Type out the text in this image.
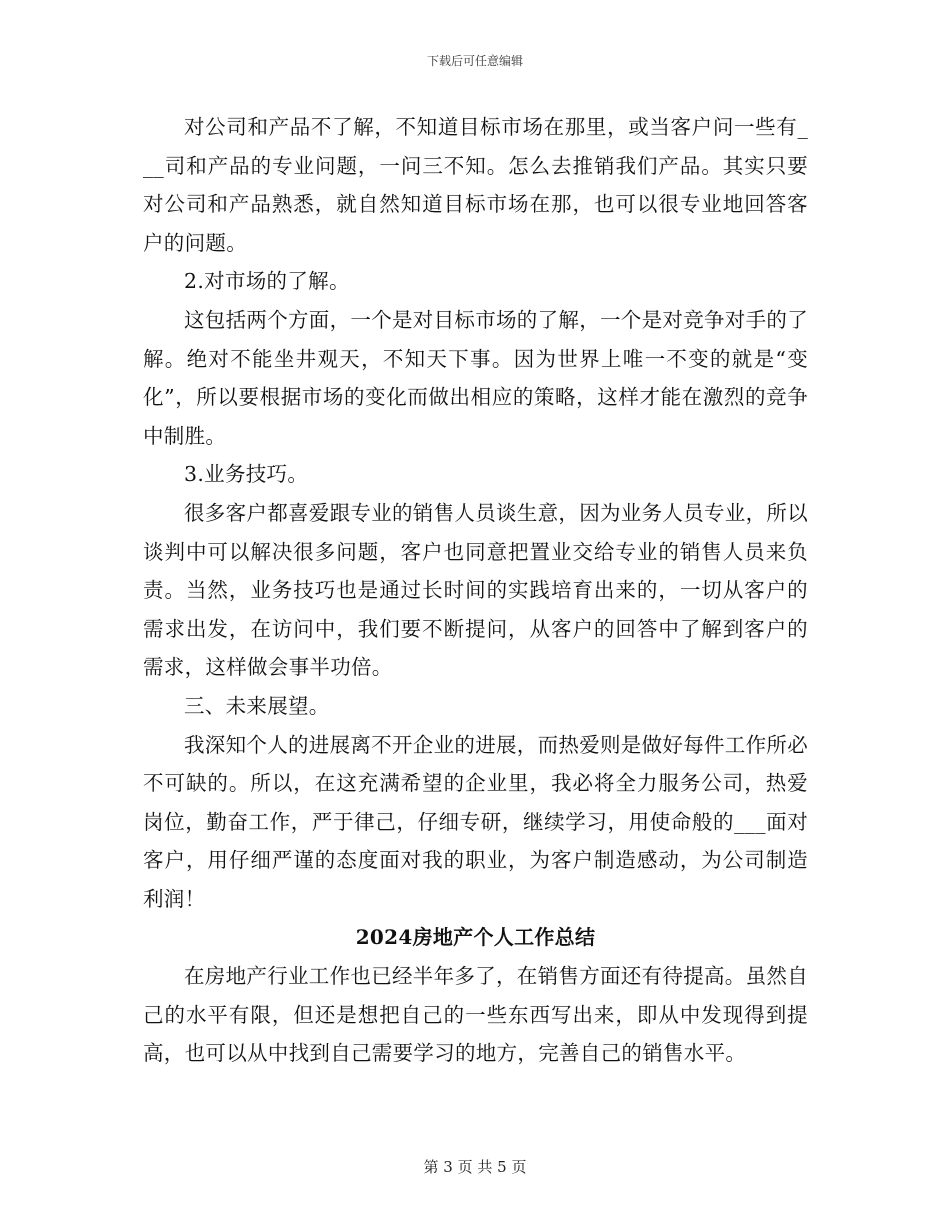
下载后可任意编辑

对公司和产品不了解，不知道目标市场在那里，或当客户问一些有___司和产品的专业问题，一问三不知。怎么去推销我们产品。其实只要对公司和产品熟悉，就自然知道目标市场在那，也可以很专业地回答客户的问题。

2.对市场的了解。

这包括两个方面，一个是对目标市场的了解，一个是对竞争对手的了解。绝对不能坐井观天，不知天下事。因为世界上唯一不变的就是“变化”，所以要根据市场的变化而做出相应的策略，这样才能在激烈的竞争中制胜。

3.业务技巧。

很多客户都喜爱跟专业的销售人员谈生意，因为业务人员专业，所以谈判中可以解决很多问题，客户也同意把置业交给专业的销售人员来负责。当然，业务技巧也是通过长时间的实践培育出来的，一切从客户的需求出发，在访问中，我们要不断提问，从客户的回答中了解到客户的需求，这样做会事半功倍。

三、未来展望。

我深知个人的进展离不开企业的进展，而热爱则是做好每件工作所必不可缺的。所以，在这充满希望的企业里，我必将全力服务公司，热爱岗位，勤奋工作，严于律己，仔细专研，继续学习，用使命般的___面对客户，用仔细严谨的态度面对我的职业，为客户制造感动，为公司制造利润！

2024房地产个人工作总结

在房地产行业工作也已经半年多了，在销售方面还有待提高。虽然自己的水平有限，但还是想把自己的一些东西写出来，即从中发现得到提高，也可以从中找到自己需要学习的地方，完善自己的销售水平。

第 3 页 共 5 页
